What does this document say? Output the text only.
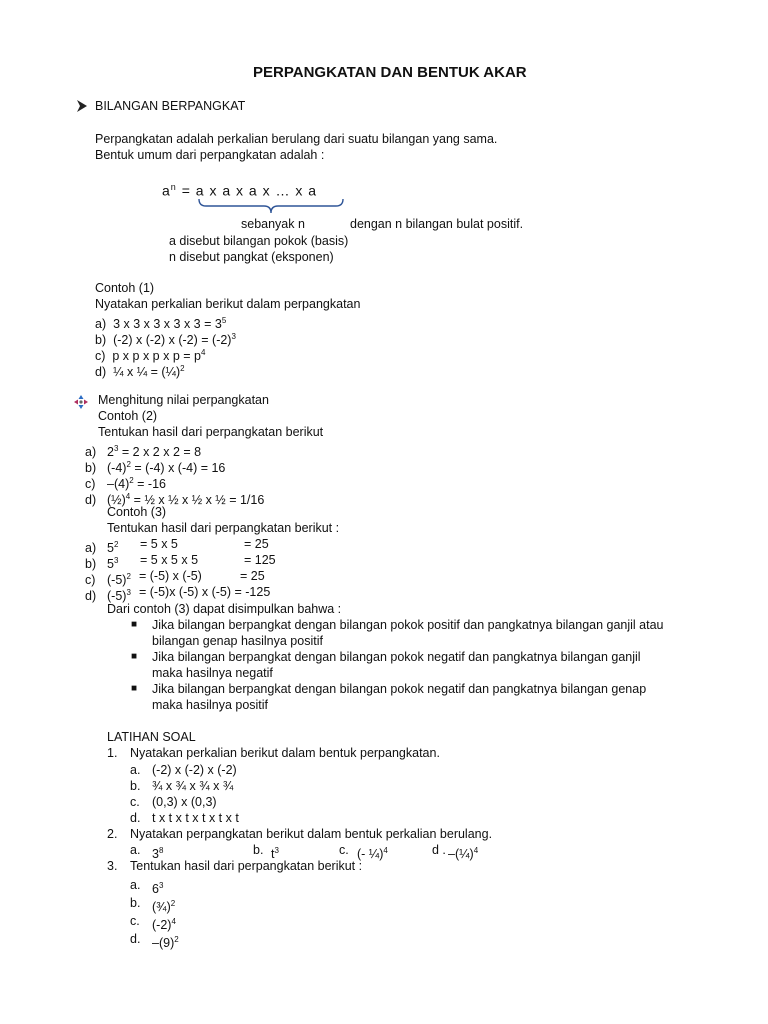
PERPANGKATAN DAN BENTUK AKAR
BILANGAN BERPANGKAT
Perpangkatan adalah perkalian berulang dari suatu bilangan yang sama.
Bentuk umum dari perpangkatan adalah :
$a^n = a$ x a x a x … x a
sebanyak n	dengan n bilangan bulat positif.
a disebut bilangan pokok (basis)
n disebut pangkat (eksponen)
Contoh (1)
Nyatakan perkalian berikut dalam perpangkatan
a) 3 x 3 x 3 x 3 x $3 = 3^5$
b) (-2) x (-2) x $(-2) = (-2)^3$
c) p x p x p x $p = p^4$
d) ¼ x ¼ = (¼)$^2$
Menghitung nilai perpangkatan
Contoh (2)
Tentukan hasil dari perpangkatan berikut
a) $2^3 = 2$ x 2 x 2 = 8
b) $(-4)^2 = (-4)$ x (-4) = 16
c) $-(4)^2 = -16$
d) (½)$^4$ = ½ x ½ x ½ x ½ = 1/16
Contoh (3)
Tentukan hasil dari perpangkatan berikut :
a) $5^2 = 5$ x 5	= 25
b) $5^3 = 5$ x 5 x 5	= 125
c) $(-5)^2 = (-5)$ x (-5)	= 25
d) $(-5)^3 = (-5)x$ (-5) x (-5) = -125
Dari contoh (3) dapat disimpulkan bahwa :
■ Jika bilangan berpangkat dengan bilangan pokok positif dan pangkatnya bilangan ganjil atau
bilangan genap hasilnya positif
■ Jika bilangan berpangkat dengan bilangan pokok negatif dan pangkatnya bilangan ganjil
maka hasilnya negatif
■ Jika bilangan berpangkat dengan bilangan pokok negatif dan pangkatnya bilangan genap
maka hasilnya positif
LATIHAN SOAL
1. Nyatakan perkalian berikut dalam bentuk perpangkatan.
a. (-2) x (-2) x (-2)
b. ¾ x ¾ x ¾ x ¾
c. (0,3) x (0,3)
d. t x t x t x t x t x t
2. Nyatakan perpangkatan berikut dalam bentuk perkalian berulang.
a. $3^8$	b. $t^3$	c. (- ¼)$^4$	d . –(¼)$^4$
3. Tentukan hasil dari perpangkatan berikut :
a. $6^3$
b. (¾)$^2$
c. $(-2)^4$
d. $-(9)^2$
